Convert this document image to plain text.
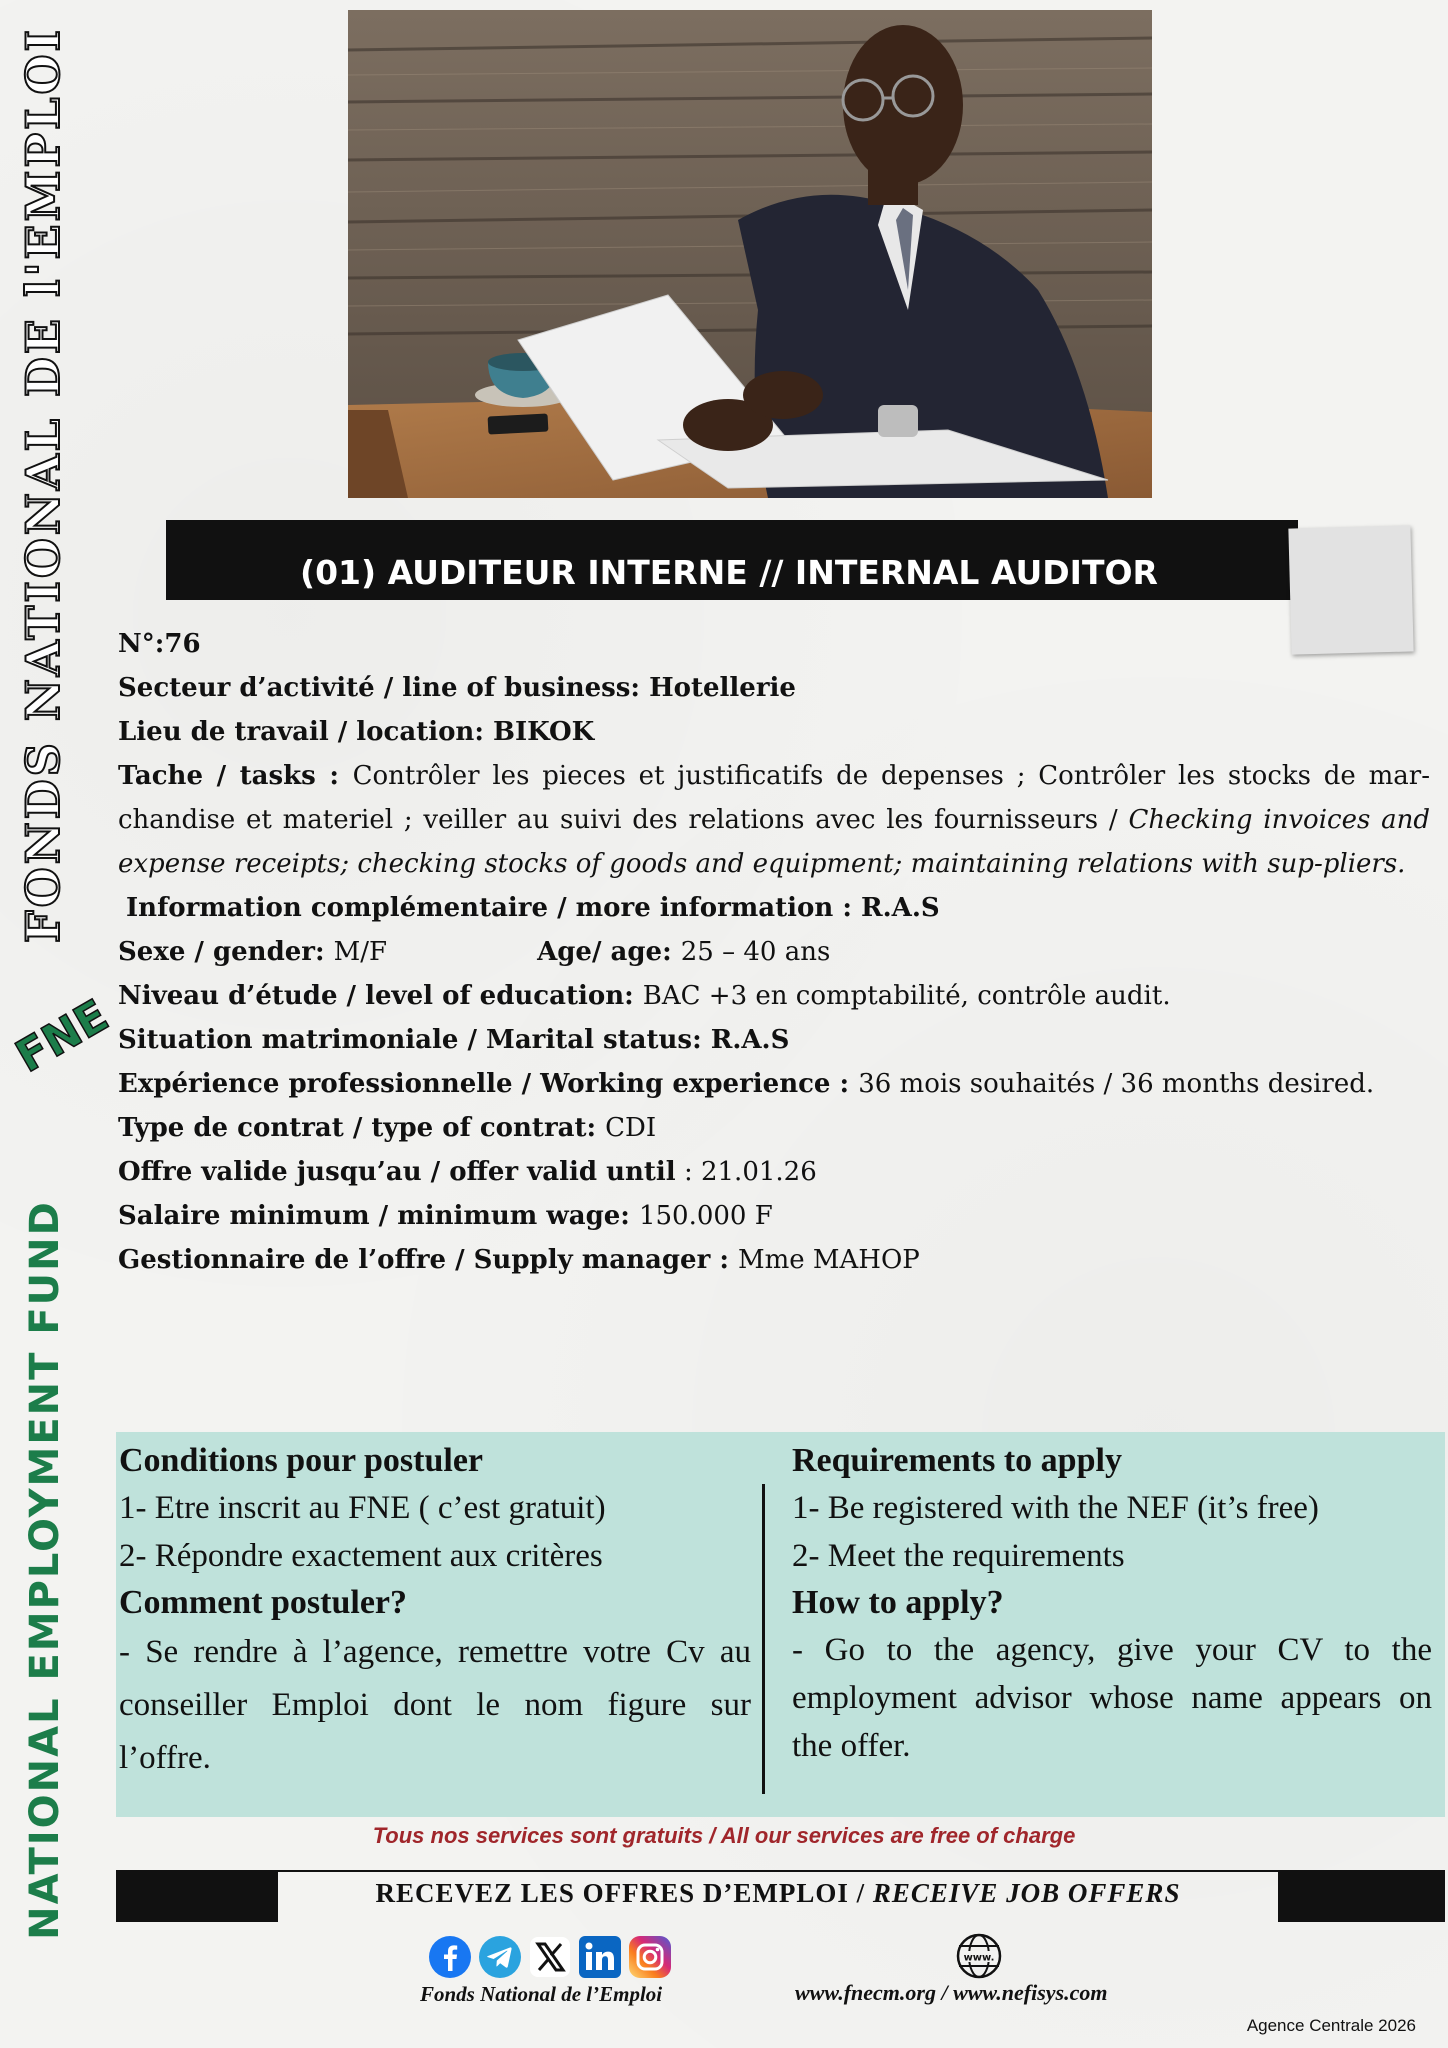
FONDS NATIONAL DE l'EMPLOI
FNE
NATIONAL EMPLOYMENT FUND
(01) AUDITEUR INTERNE // INTERNAL AUDITOR
N°:76
Secteur d’activité / line of business: Hotellerie
Lieu de travail / location: BIKOK
Tache / tasks : Contrôler les pieces et justificatifs de depenses ; Contrôler les stocks de mar-chandise et materiel ; veiller au suivi des relations avec les fournisseurs / Checking invoices and expense receipts; checking stocks of goods and equipment; maintaining relations with sup-pliers.
Information complémentaire / more information : R.A.S
Sexe / gender: M/F	Age/ age: 25 – 40 ans
Niveau d’étude / level of education: BAC +3 en comptabilité, contrôle audit.
Situation matrimoniale / Marital status: R.A.S
Expérience professionnelle / Working experience : 36 mois souhaités / 36 months desired.
Type de contrat / type of contrat: CDI
Offre valide jusqu’au / offer valid until : 21.01.26
Salaire minimum / minimum wage: 150.000 F
Gestionnaire de l’offre / Supply manager : Mme MAHOP
Conditions pour postuler
1- Etre inscrit au FNE ( c’est gratuit)
2- Répondre exactement aux critères
Comment postuler?
- Se rendre à l’agence, remettre votre Cv au conseiller Emploi dont le nom figure sur l’offre.
Requirements to apply
1- Be registered with the NEF (it’s free)
2- Meet the requirements
How to apply?
- Go to the agency, give your CV to the employment advisor whose name appears on the offer.
Tous nos services sont gratuits / All our services are free of charge
RECEVEZ LES OFFRES D’EMPLOI / RECEIVE JOB OFFERS
Fonds National de l’Emploi
www.
www.fnecm.org / www.nefisys.com
Agence Centrale 2026
